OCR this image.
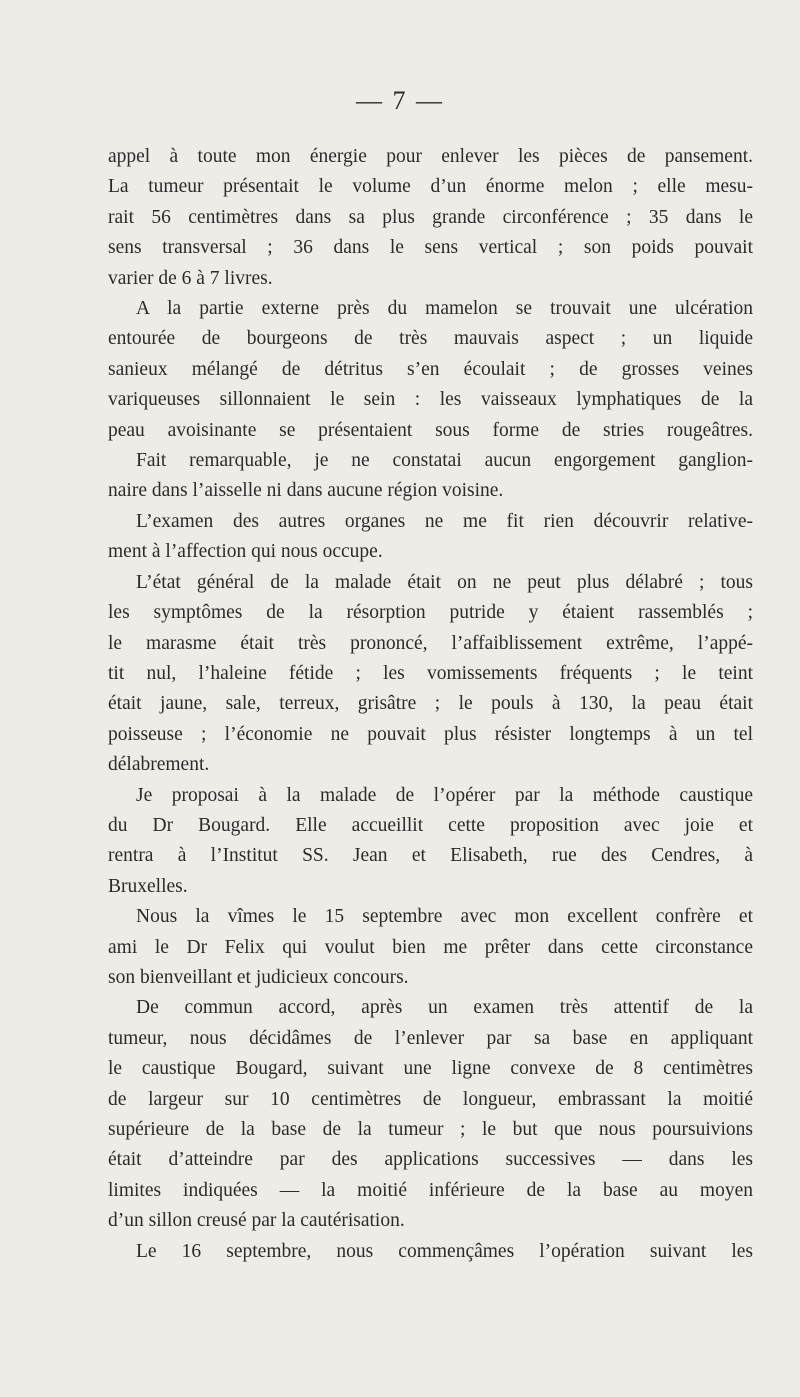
— 7 —
appel à toute mon énergie pour enlever les pièces de pansement.
La tumeur présentait le volume d’un énorme melon ; elle mesu-
rait 56 centimètres dans sa plus grande circonférence ; 35 dans le
sens transversal ; 36 dans le sens vertical ; son poids pouvait
varier de 6 à 7 livres.
A la partie externe près du mamelon se trouvait une ulcération
entourée de bourgeons de très mauvais aspect ; un liquide
sanieux mélangé de détritus s’en écoulait ; de grosses veines
variqueuses sillonnaient le sein : les vaisseaux lymphatiques de la
peau avoisinante se présentaient sous forme de stries rougeâtres.
Fait remarquable, je ne constatai aucun engorgement ganglion-
naire dans l’aisselle ni dans aucune région voisine.
L’examen des autres organes ne me fit rien découvrir relative-
ment à l’affection qui nous occupe.
L’état général de la malade était on ne peut plus délabré ; tous
les symptômes de la résorption putride y étaient rassemblés ;
le marasme était très prononcé, l’affaiblissement extrême, l’appé-
tit nul, l’haleine fétide ; les vomissements fréquents ; le teint
était jaune, sale, terreux, grisâtre ; le pouls à 130, la peau était
poisseuse ; l’économie ne pouvait plus résister longtemps à un tel
délabrement.
Je proposai à la malade de l’opérer par la méthode caustique
du Dr Bougard. Elle accueillit cette proposition avec joie et
rentra à l’Institut SS. Jean et Elisabeth, rue des Cendres, à
Bruxelles.
Nous la vîmes le 15 septembre avec mon excellent confrère et
ami le Dr Felix qui voulut bien me prêter dans cette circonstance
son bienveillant et judicieux concours.
De commun accord, après un examen très attentif de la
tumeur, nous décidâmes de l’enlever par sa base en appliquant
le caustique Bougard, suivant une ligne convexe de 8 centimètres
de largeur sur 10 centimètres de longueur, embrassant la moitié
supérieure de la base de la tumeur ; le but que nous poursuivions
était d’atteindre par des applications successives — dans les
limites indiquées — la moitié inférieure de la base au moyen
d’un sillon creusé par la cautérisation.
Le 16 septembre, nous commençâmes l’opération suivant les
